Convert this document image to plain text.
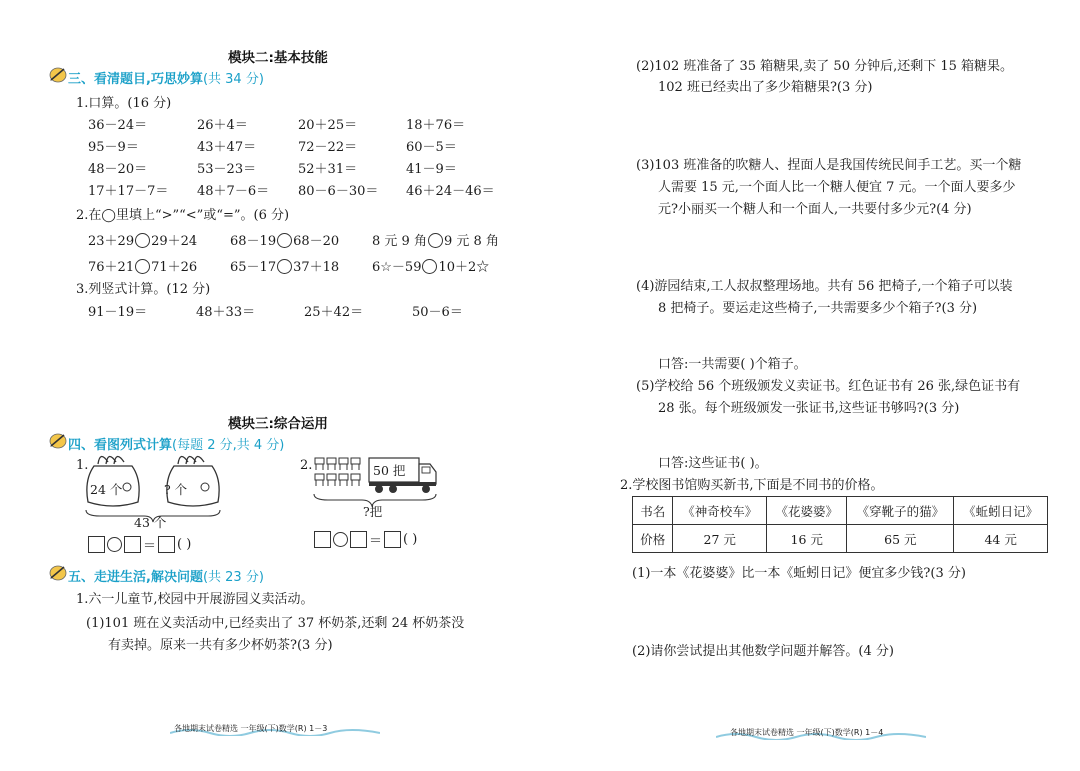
模块二:基本技能
三、看清题目,巧思妙算(共 34 分)
1.口算。(16 分)
36－24＝	26＋4＝	20＋25＝	18＋76＝
95－9＝	43＋47＝	72－22＝	60－5＝
48－20＝	53－23＝	52＋31＝	41－9＝
17＋17－7＝ 48＋7－6＝ 80－6－30＝ 46＋24－46＝
2.在◯里填上“>”“<”或“=”。(6 分)
23＋29 29＋24	68－19 68－20	8 元 9 角 9 元 8 角
76＋21 71＋26	65－17 37＋18	6☆－59 10＋2☆
3.列竖式计算。(12 分)
91－19＝	48＋33＝	25＋42＝	50－6＝
模块三:综合运用
四、看图列式计算(每题 2 分,共 4 分)
1.
24 个	? 个
43 个
＝ ( )
2.	50 把
?把
＝ ( )
五、走进生活,解决问题(共 23 分)
1.六一儿童节,校园中开展游园义卖活动。
(1)101 班在义卖活动中,已经卖出了 37 杯奶茶,还剩 24 杯奶茶没
有卖掉。原来一共有多少杯奶茶?(3 分)
各地期末试卷精选 一年级(下)数学(R) 1－3
(2)102 班准备了 35 箱糖果,卖了 50 分钟后,还剩下 15 箱糖果。
102 班已经卖出了多少箱糖果?(3 分)
(3)103 班准备的吹糖人、捏面人是我国传统民间手工艺。买一个糖
人需要 15 元,一个面人比一个糖人便宜 7 元。一个面人要多少
元?小丽买一个糖人和一个面人,一共要付多少元?(4 分)
(4)游园结束,工人叔叔整理场地。共有 56 把椅子,一个箱子可以装
8 把椅子。要运走这些椅子,一共需要多少个箱子?(3 分)
口答:一共需要( )个箱子。
(5)学校给 56 个班级颁发义卖证书。红色证书有 26 张,绿色证书有
28 张。每个班级颁发一张证书,这些证书够吗?(3 分)
口答:这些证书( )。
2.学校图书馆购买新书,下面是不同书的价格。
书名	《神奇校车》	《花婆婆》	《穿靴子的猫》	《蚯蚓日记》
价格	27 元	16 元	65 元	44 元
(1)一本《花婆婆》比一本《蚯蚓日记》便宜多少钱?(3 分)
(2)请你尝试提出其他数学问题并解答。(4 分)
各地期末试卷精选 一年级(下)数学(R) 1－4
